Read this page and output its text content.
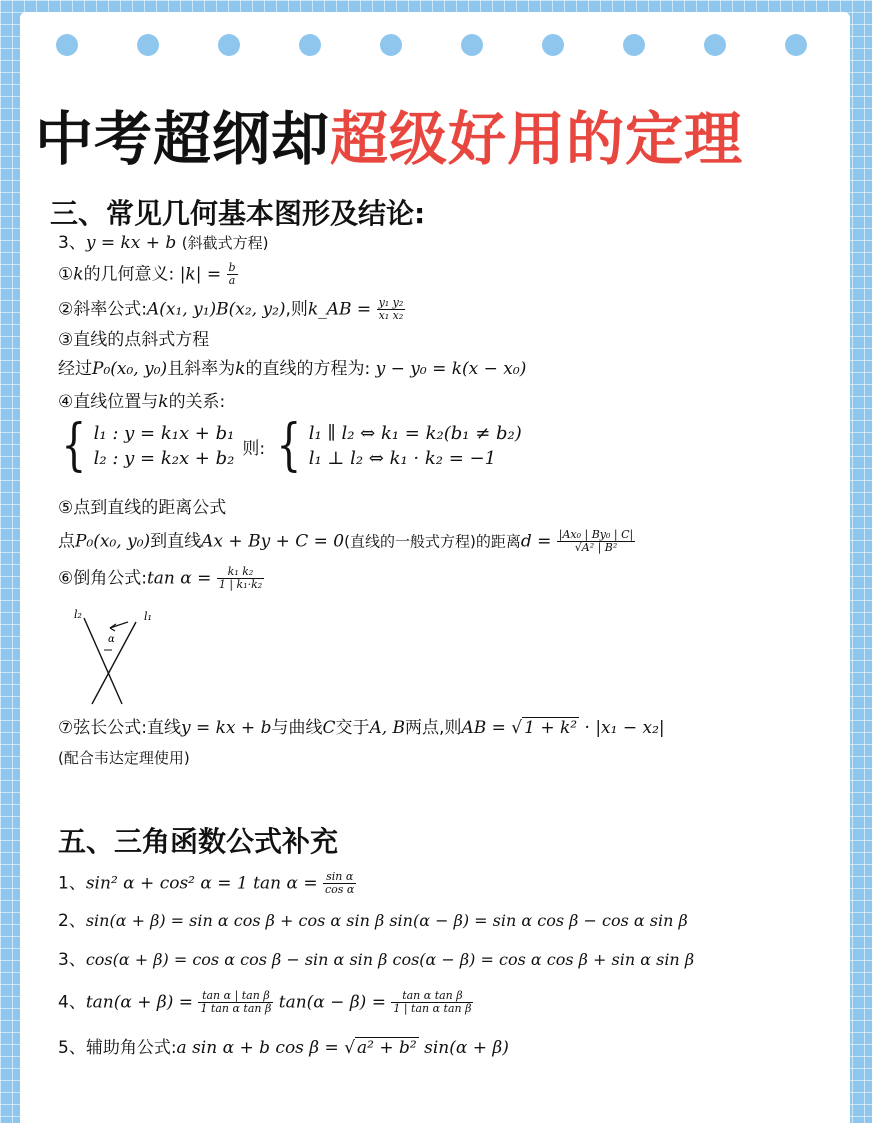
中考超纲却超级好用的定理
三、常见几何基本图形及结论:
3、y = kx + b (斜截式方程)
①k的几何意义: $|k| = \frac{b}{a}$
②斜率公式:A(x₁, y₁)B(x₂, y₂),则k_AB = $\frac{\text{y₁ y₂}}{\text{x₁ x₂}}$
③直线的点斜式方程
经过P₀(x₀, y₀)且斜率为k的直线的方程为: y − y₀ = k(x − x₀)
④直线位置与k的关系:
{ l₁ : y = k₁x + b₁
l₂ : y = k₂x + b₂ 则: { l₁ ∥ l₂ ⇔ k₁ = k₂(b₁ ≠ b₂)
l₁ ⊥ l₂ ⇔ k₁ · k₂ = −1
⑤点到直线的距离公式
点P₀(x₀, y₀)到直线Ax + By + C = 0(直线的一般式方程)的距离$d = \frac{\text{|Ax₀ | By₀ | C|}}{\text{√A² | B²}}$
⑥倒角公式:tan $\alpha = \frac{\text{k₁ k₂}}{\text{1 | k₁·k₂}}$
l₂	l₁
α
⑦弦长公式:直线y = kx + b与曲线C交于A, B两点,则AB = √ 1 + k² · |x₁ − x₂|
(配合韦达定理使用)
五、三角函数公式补充
1、sin² α + cos² α = 1 $\tan \alpha = \frac{\text{sin α}}{\text{cos α}}$
2、sin(α + β) = sin α cos β + cos α sin β sin(α − β) = sin α cos β − cos α sin β
3、cos(α + β) = cos α cos β − sin α sin β cos(α − β) = cos α cos β + sin α sin β
4、$\tan(\alpha + \beta) = \frac{\text{tan α | tan β}}{\text{1 tan α tan β}} \tan(\alpha - \beta) = \frac{\text{tan α tan β}}{\text{1 | tan α tan β}}$
5、辅助角公式:a sin α + b cos β = √ a² + b² sin(α + β)
